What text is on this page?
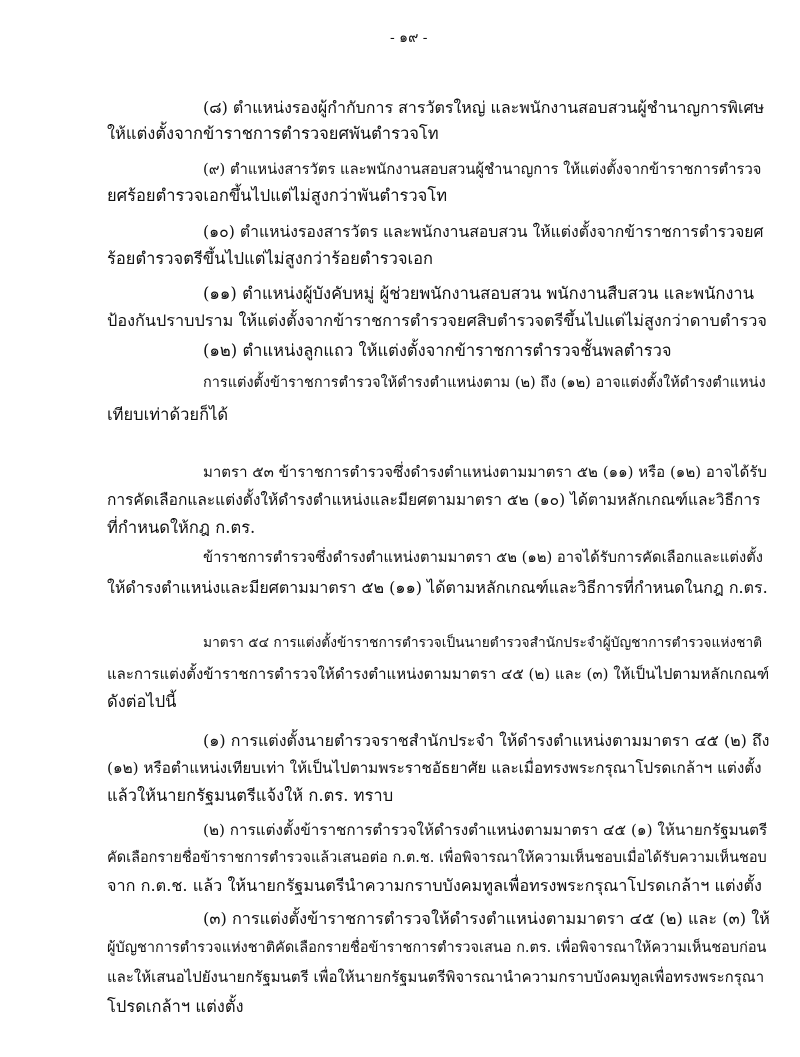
- ๑๙ -

(๘) ตำแหน่งรองผู้กำกับการ สารวัตรใหญ่ และพนักงานสอบสวนผู้ชำนาญการพิเศษ

ให้แต่งตั้งจากข้าราชการตำรวจยศพันตำรวจโท

(๙) ตำแหน่งสารวัตร และพนักงานสอบสวนผู้ชำนาญการ ให้แต่งตั้งจากข้าราชการตำรวจ

ยศร้อยตำรวจเอกขึ้นไปแต่ไม่สูงกว่าพันตำรวจโท

(๑๐) ตำแหน่งรองสารวัตร และพนักงานสอบสวน ให้แต่งตั้งจากข้าราชการตำรวจยศ

ร้อยตำรวจตรีขึ้นไปแต่ไม่สูงกว่าร้อยตำรวจเอก

(๑๑) ตำแหน่งผู้บังคับหมู่ ผู้ช่วยพนักงานสอบสวน พนักงานสืบสวน และพนักงาน

ป้องกันปราบปราม ให้แต่งตั้งจากข้าราชการตำรวจยศสิบตำรวจตรีขึ้นไปแต่ไม่สูงกว่าดาบตำรวจ

(๑๒) ตำแหน่งลูกแถว ให้แต่งตั้งจากข้าราชการตำรวจชั้นพลตำรวจ

การแต่งตั้งข้าราชการตำรวจให้ดำรงตำแหน่งตาม (๒) ถึง (๑๒) อาจแต่งตั้งให้ดำรงตำแหน่ง

เทียบเท่าด้วยก็ได้

มาตรา ๕๓ ข้าราชการตำรวจซึ่งดำรงตำแหน่งตามมาตรา ๕๒ (๑๑) หรือ (๑๒) อาจได้รับ

การคัดเลือกและแต่งตั้งให้ดำรงตำแหน่งและมียศตามมาตรา ๕๒ (๑๐) ได้ตามหลักเกณฑ์และวิธีการ

ที่กำหนดให้กฎ ก.ตร.

ข้าราชการตำรวจซึ่งดำรงตำแหน่งตามมาตรา ๕๒ (๑๒) อาจได้รับการคัดเลือกและแต่งตั้ง

ให้ดำรงตำแหน่งและมียศตามมาตรา ๕๒ (๑๑) ได้ตามหลักเกณฑ์และวิธีการที่กำหนดในกฎ ก.ตร.

มาตรา ๕๔ การแต่งตั้งข้าราชการตำรวจเป็นนายตำรวจสำนักประจำผู้บัญชาการตำรวจแห่งชาติ

และการแต่งตั้งข้าราชการตำรวจให้ดำรงตำแหน่งตามมาตรา ๔๕ (๒) และ (๓) ให้เป็นไปตามหลักเกณฑ์

ดังต่อไปนี้

(๑) การแต่งตั้งนายตำรวจราชสำนักประจำ ให้ดำรงตำแหน่งตามมาตรา ๔๕ (๒) ถึง

(๑๒) หรือตำแหน่งเทียบเท่า ให้เป็นไปตามพระราชอัธยาศัย และเมื่อทรงพระกรุณาโปรดเกล้าฯ แต่งตั้ง

แล้วให้นายกรัฐมนตรีแจ้งให้ ก.ตร. ทราบ

(๒) การแต่งตั้งข้าราชการตำรวจให้ดำรงตำแหน่งตามมาตรา ๔๕ (๑) ให้นายกรัฐมนตรี

คัดเลือกรายชื่อข้าราชการตำรวจแล้วเสนอต่อ ก.ต.ช. เพื่อพิจารณาให้ความเห็นชอบเมื่อได้รับความเห็นชอบ

จาก ก.ต.ช. แล้ว ให้นายกรัฐมนตรีนำความกราบบังคมทูลเพื่อทรงพระกรุณาโปรดเกล้าฯ แต่งตั้ง

(๓) การแต่งตั้งข้าราชการตำรวจให้ดำรงตำแหน่งตามมาตรา ๔๕ (๒) และ (๓) ให้

ผู้บัญชาการตำรวจแห่งชาติคัดเลือกรายชื่อข้าราชการตำรวจเสนอ ก.ตร. เพื่อพิจารณาให้ความเห็นชอบก่อน

และให้เสนอไปยังนายกรัฐมนตรี เพื่อให้นายกรัฐมนตรีพิจารณานำความกราบบังคมทูลเพื่อทรงพระกรุณา

โปรดเกล้าฯ แต่งตั้ง
